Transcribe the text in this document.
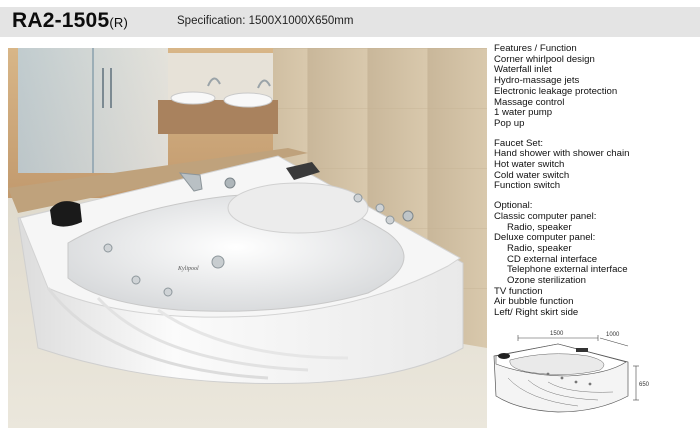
RA2-1505(R)	Specification: 1500X1000X650mm
Kylipool
Features / Function
Corner whirlpool design
Waterfall inlet
Hydro-massage jets
Electronic leakage protection
Massage control
1 water pump
Pop up
Faucet Set:
Hand shower with shower chain
Hot water switch
Cold water switch
Function switch
Optional:
Classic computer panel:
Radio, speaker
Deluxe computer panel:
Radio, speaker
CD external interface
Telephone external interface
Ozone sterilization
TV function
Air bubble function
Left/ Right skirt side
1500	1000
650
